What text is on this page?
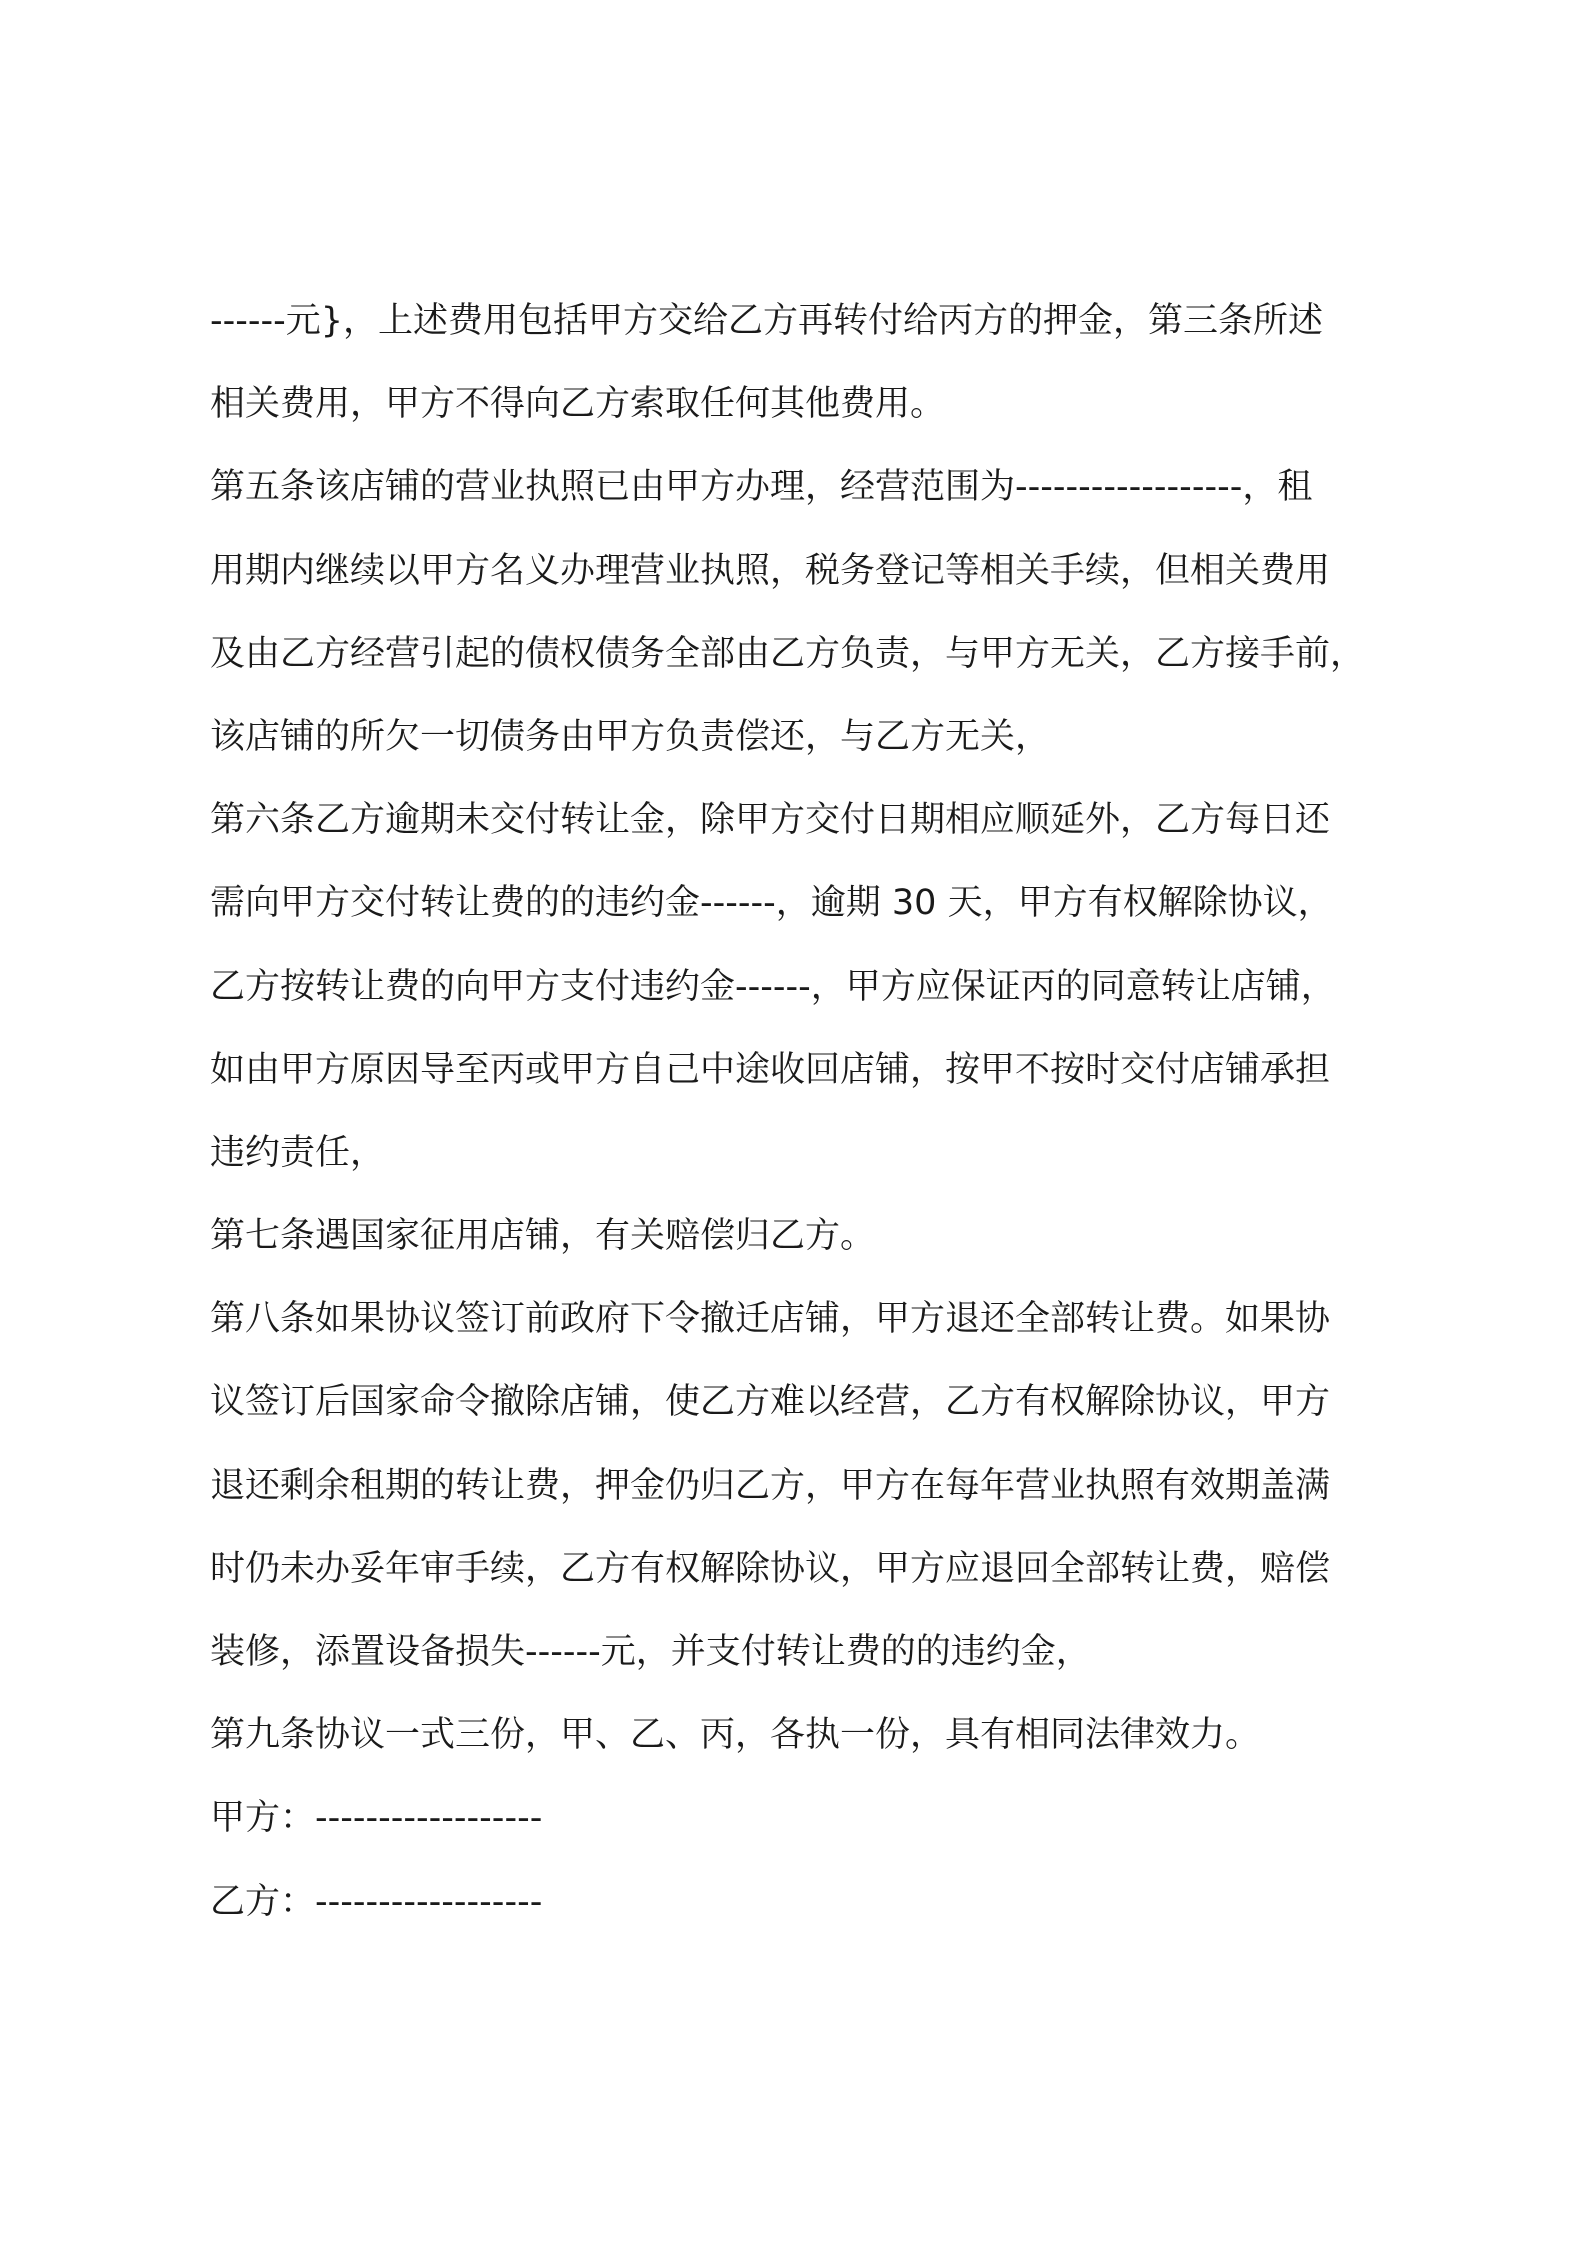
------元}，上述费用包括甲方交给乙方再转付给丙方的押金，第三条所述
相关费用，甲方不得向乙方索取任何其他费用。
第五条该店铺的营业执照已由甲方办理，经营范围为------------------，租
用期内继续以甲方名义办理营业执照，税务登记等相关手续，但相关费用
及由乙方经营引起的债权债务全部由乙方负责，与甲方无关，乙方接手前，
该店铺的所欠一切债务由甲方负责偿还，与乙方无关，
第六条乙方逾期未交付转让金，除甲方交付日期相应顺延外，乙方每日还
需向甲方交付转让费的的违约金------，逾期 30 天，甲方有权解除协议，
乙方按转让费的向甲方支付违约金------，甲方应保证丙的同意转让店铺，
如由甲方原因导至丙或甲方自己中途收回店铺，按甲不按时交付店铺承担
违约责任，
第七条遇国家征用店铺，有关赔偿归乙方。
第八条如果协议签订前政府下令撤迁店铺，甲方退还全部转让费。如果协
议签订后国家命令撤除店铺，使乙方难以经营，乙方有权解除协议，甲方
退还剩余租期的转让费，押金仍归乙方，甲方在每年营业执照有效期盖满
时仍未办妥年审手续，乙方有权解除协议，甲方应退回全部转让费，赔偿
装修，添置设备损失------元，并支付转让费的的违约金，
第九条协议一式三份，甲、乙、丙，各执一份，具有相同法律效力。
甲方：------------------
乙方：------------------
